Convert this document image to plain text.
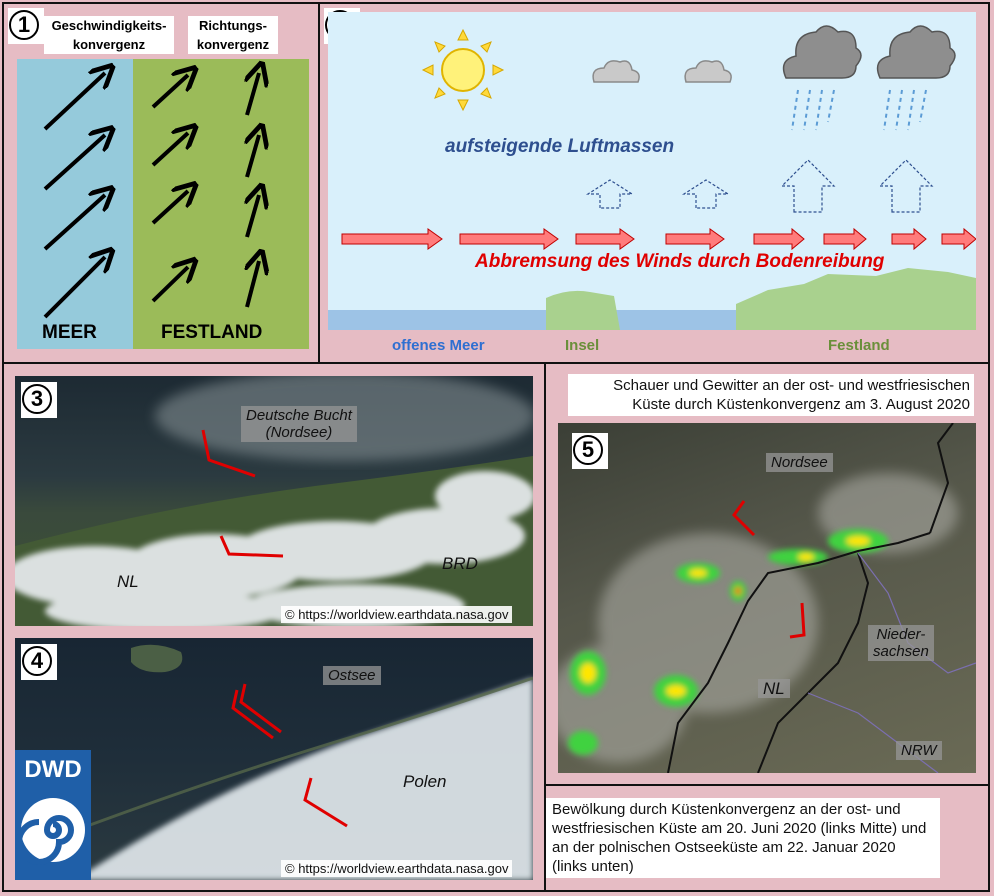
1	Geschwindigkeits-
konvergenz
Richtungs-
konvergenz
MEER	FESTLAND
aufsteigende Luftmassen
Abbremsung des Winds durch Bodenreibung
offenes Meer	Insel	Festland
3
Deutsche Bucht
(Nordsee)
NL
BRD
© https://worldview.earthdata.nasa.gov
4
Ostsee
Polen
© https://worldview.earthdata.nasa.gov
DWD
Schauer und Gewitter an der ost- und westfriesischen Küste durch Küstenkonvergenz am 3. August 2020
5
Nordsee
Nieder-
sachsen
NL
NRW
Bewölkung durch Küstenkonvergenz an der ost- und westfriesischen Küste am 20. Juni 2020 (links Mitte) und an der polnischen Ostseeküste am 22. Januar 2020 (links unten)
